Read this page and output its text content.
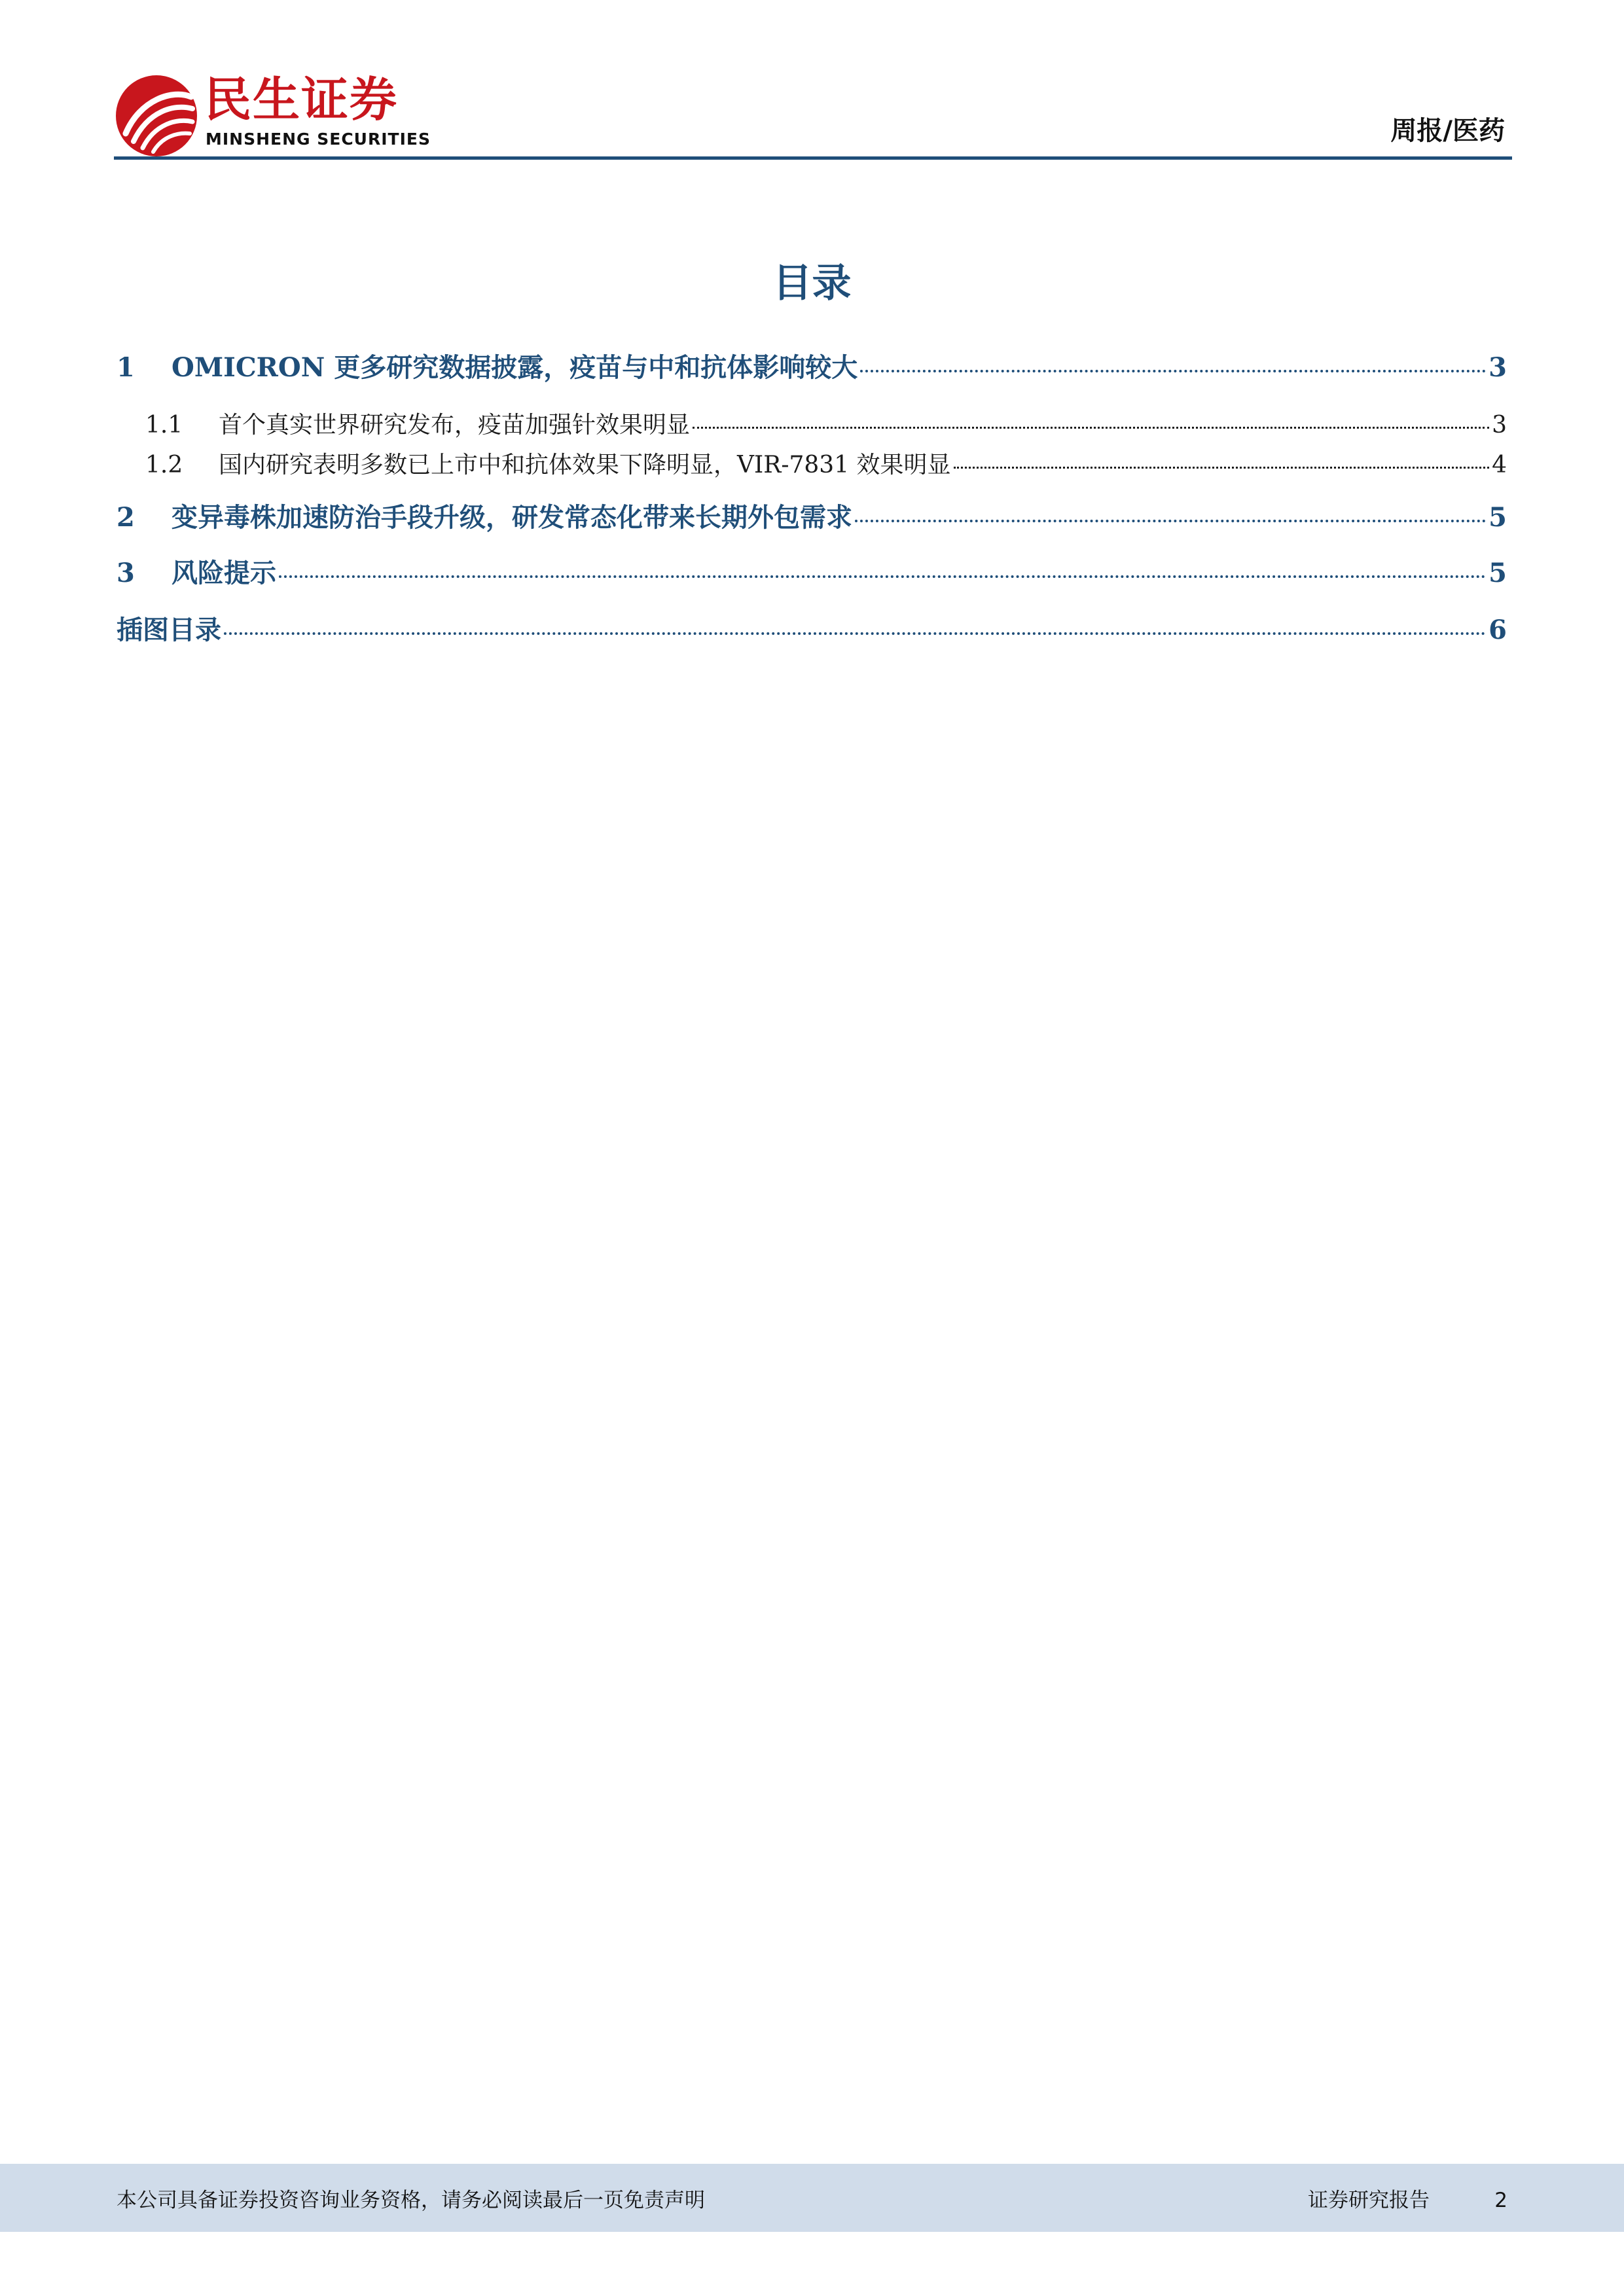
民生证券
MINSHENG SECURITIES	周报/医药
目录
1	OMICRON 更多研究数据披露，疫苗与中和抗体影响较大	3
1.1	首个真实世界研究发布，疫苗加强针效果明显	3
1.2	国内研究表明多数已上市中和抗体效果下降明显，VIR-7831 效果明显	4
2	变异毒株加速防治手段升级，研发常态化带来长期外包需求	5
3	风险提示	5
插图目录	6
本公司具备证券投资咨询业务资格，请务必阅读最后一页免责声明	证券研究报告	2
